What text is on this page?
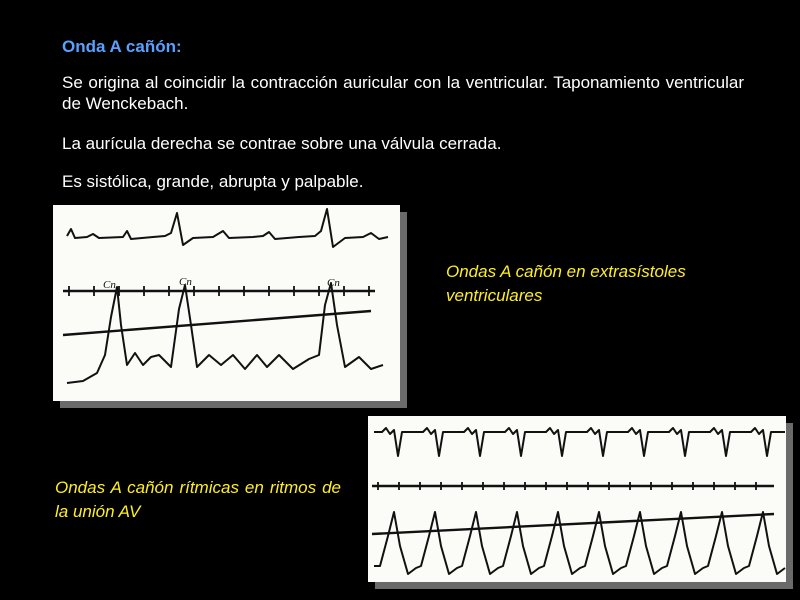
Onda A cañón:
Se origina al coincidir la contracción auricular con la ventricular. Taponamiento ventricular de Wenckebach.
La aurícula derecha se contrae sobre una válvula cerrada.
Es sistólica, grande, abrupta y palpable.
Cn	Cn	Cn
Ondas A cañón en extrasístoles ventriculares
Ondas A cañón rítmicas en ritmos de la unión AV
